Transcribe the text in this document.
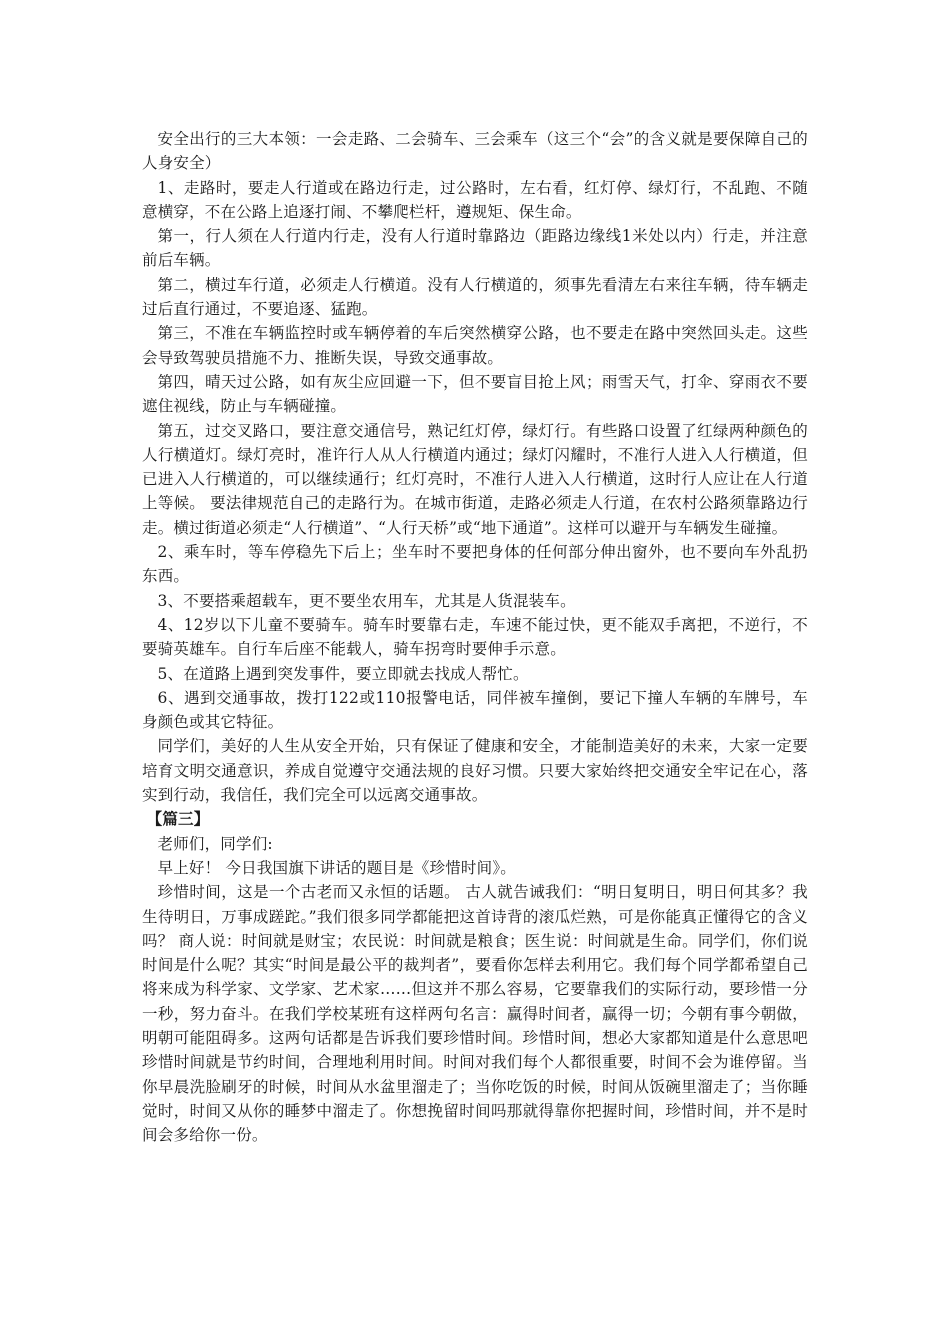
安全出行的三大本领：一会走路、二会骑车、三会乘车（这三个“会”的含义就是要保障自己的人身安全）

1、走路时，要走人行道或在路边行走，过公路时，左右看，红灯停、绿灯行，不乱跑、不随意横穿，不在公路上追逐打闹、不攀爬栏杆，遵规矩、保生命。

第一，行人须在人行道内行走，没有人行道时靠路边（距路边缘线1米处以内）行走，并注意前后车辆。

第二，横过车行道，必须走人行横道。没有人行横道的，须事先看清左右来往车辆，待车辆走过后直行通过，不要追逐、猛跑。

第三，不准在车辆监控时或车辆停着的车后突然横穿公路，也不要走在路中突然回头走。这些会导致驾驶员措施不力、推断失误，导致交通事故。

第四，晴天过公路，如有灰尘应回避一下，但不要盲目抢上风；雨雪天气，打伞、穿雨衣不要遮住视线，防止与车辆碰撞。

第五，过交叉路口，要注意交通信号，熟记红灯停，绿灯行。有些路口设置了红绿两种颜色的人行横道灯。绿灯亮时，准许行人从人行横道内通过；绿灯闪耀时，不准行人进入人行横道，但已进入人行横道的，可以继续通行；红灯亮时，不准行人进入人行横道，这时行人应让在人行道上等候。 要法律规范自己的走路行为。在城市街道，走路必须走人行道，在农村公路须靠路边行走。横过街道必须走“人行横道”、“人行天桥”或“地下通道”。这样可以避开与车辆发生碰撞。

2、乘车时，等车停稳先下后上；坐车时不要把身体的任何部分伸出窗外，也不要向车外乱扔东西。

3、不要搭乘超载车，更不要坐农用车，尤其是人货混装车。

4、12岁以下儿童不要骑车。骑车时要靠右走，车速不能过快，更不能双手离把，不逆行，不要骑英雄车。自行车后座不能载人，骑车拐弯时要伸手示意。

5、在道路上遇到突发事件，要立即就去找成人帮忙。

6、遇到交通事故，拨打122或110报警电话，同伴被车撞倒，要记下撞人车辆的车牌号，车身颜色或其它特征。

同学们，美好的人生从安全开始，只有保证了健康和安全，才能制造美好的未来，大家一定要培育文明交通意识，养成自觉遵守交通法规的良好习惯。只要大家始终把交通安全牢记在心，落实到行动，我信任，我们完全可以远离交通事故。

【篇三】

老师们，同学们:

早上好！ 今日我国旗下讲话的题目是《珍惜时间》。

珍惜时间，这是一个古老而又永恒的话题。 古人就告诫我们：“明日复明日，明日何其多？我生待明日，万事成蹉跎。”我们很多同学都能把这首诗背的滚瓜烂熟，可是你能真正懂得它的含义吗？ 商人说：时间就是财宝；农民说：时间就是粮食；医生说：时间就是生命。同学们，你们说时间是什么呢？其实“时间是最公平的裁判者”，要看你怎样去利用它。我们每个同学都希望自己将来成为科学家、文学家、艺术家……但这并不那么容易，它要靠我们的实际行动，要珍惜一分一秒，努力奋斗。在我们学校某班有这样两句名言：赢得时间者，赢得一切；今朝有事今朝做，明朝可能阻碍多。这两句话都是告诉我们要珍惜时间。珍惜时间，想必大家都知道是什么意思吧珍惜时间就是节约时间，合理地利用时间。时间对我们每个人都很重要，时间不会为谁停留。当你早晨洗脸刷牙的时候，时间从水盆里溜走了；当你吃饭的时候，时间从饭碗里溜走了；当你睡觉时，时间又从你的睡梦中溜走了。你想挽留时间吗那就得靠你把握时间，珍惜时间，并不是时间会多给你一份。
